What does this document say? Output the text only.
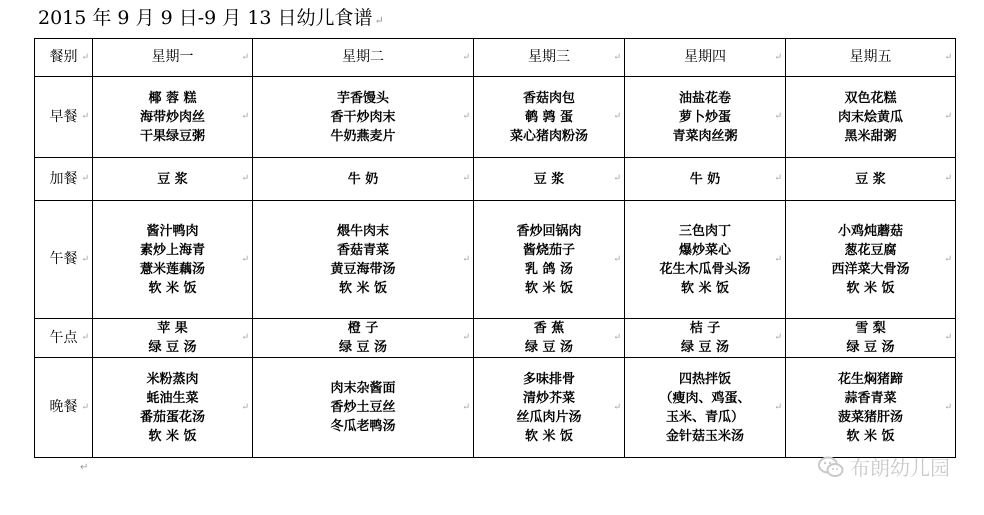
2015 年 9 月 9 日-9 月 13 日幼儿食谱 ↵
餐别 ↵	星期一 ↵	星期二 ↵	星期三 ↵	星期四 ↵	星期五 ↵

早餐 ↵	椰 蓉 糕
海带炒肉丝
干果绿豆粥
↵	芋香馒头
香干炒肉末
牛奶燕麦片
↵	香菇肉包
鹌 鹑 蛋
菜心猪肉粉汤
↵	油盐花卷
萝卜炒蛋
青菜肉丝粥
↵	双色花糕
肉末烩黄瓜
黑米甜粥
↵

加餐 ↵	豆 浆 ↵	牛 奶 ↵	豆 浆 ↵	牛 奶 ↵	豆 浆 ↵

午餐 ↵	酱汁鸭肉
素炒上海青
薏米莲藕汤
软 米 饭
↵	煨牛肉末
香菇青菜
黄豆海带汤
软 米 饭
↵	香炒回锅肉
酱烧茄子
乳 鸽 汤
软 米 饭
↵	三色肉丁
爆炒菜心
花生木瓜骨头汤
软 米 饭
↵	小鸡炖蘑菇
葱花豆腐
西洋菜大骨汤
软 米 饭
↵

午点 ↵	苹 果
绿 豆 汤
↵	橙 子
绿 豆 汤
↵	香 蕉
绿 豆 汤
↵	桔 子
绿 豆 汤
↵	雪 梨
绿 豆 汤
↵

晚餐 ↵	米粉蒸肉
蚝油生菜
番茄蛋花汤
软 米 饭
↵	肉末杂酱面
香炒土豆丝
冬瓜老鸭汤
↵	多味排骨
清炒芥菜
丝瓜肉片汤
软 米 饭
↵	四热拌饭
（瘦肉、鸡蛋、
玉米、青瓜）
金针菇玉米汤
↵	花生焖猪蹄
蒜香青菜
菠菜猪肝汤
软 米 饭
↵
↵	布朗幼儿园
